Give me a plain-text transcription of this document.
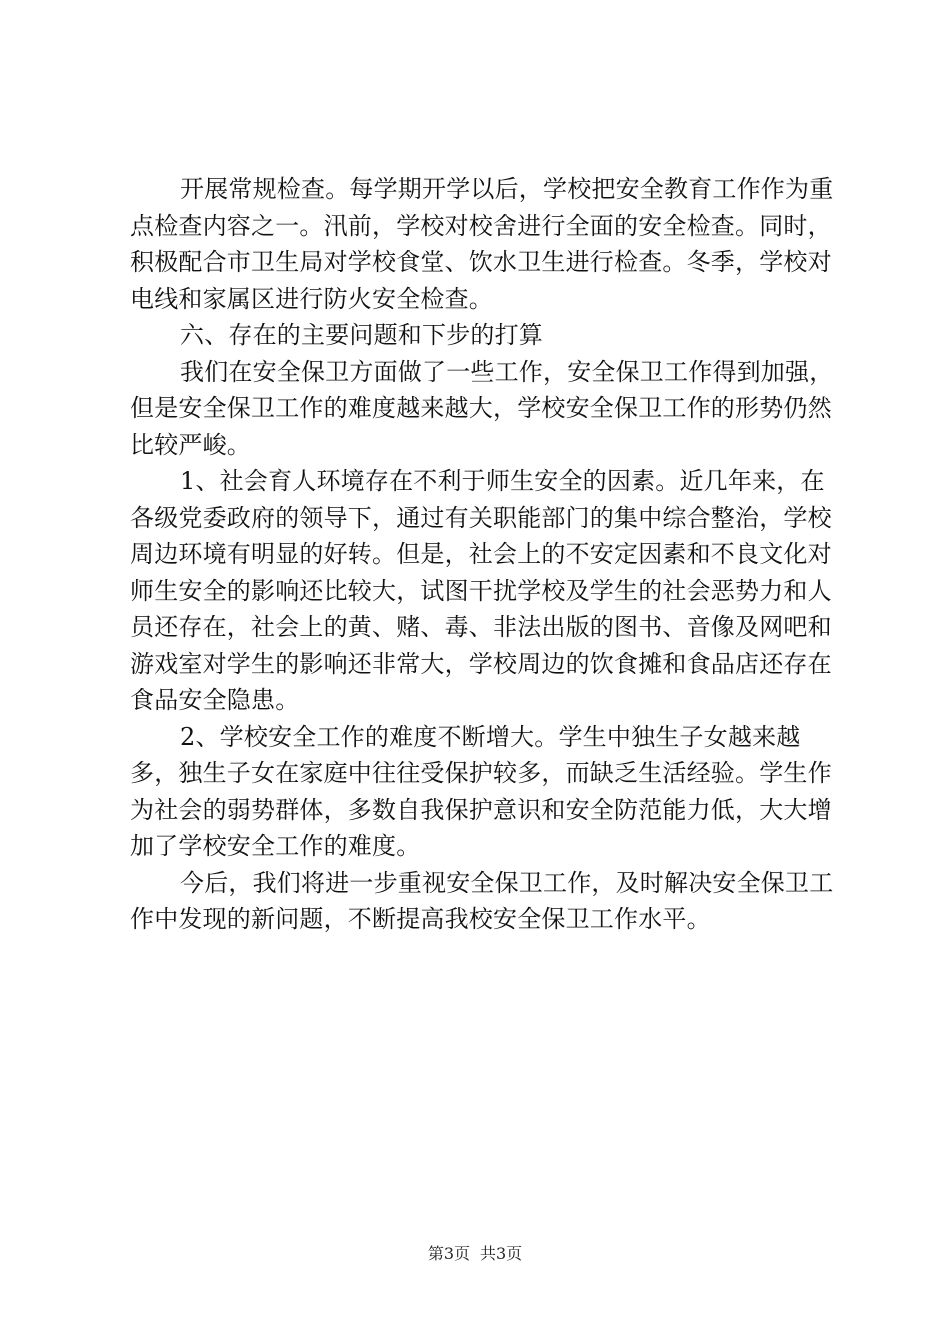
开展常规检查。每学期开学以后，学校把安全教育工作作为重点检查内容之一。汛前，学校对校舍进行全面的安全检查。同时，积极配合市卫生局对学校食堂、饮水卫生进行检查。冬季，学校对电线和家属区进行防火安全检查。

六、存在的主要问题和下步的打算

我们在安全保卫方面做了一些工作，安全保卫工作得到加强，但是安全保卫工作的难度越来越大，学校安全保卫工作的形势仍然比较严峻。

1、社会育人环境存在不利于师生安全的因素。近几年来，在各级党委政府的领导下，通过有关职能部门的集中综合整治，学校周边环境有明显的好转。但是，社会上的不安定因素和不良文化对师生安全的影响还比较大，试图干扰学校及学生的社会恶势力和人员还存在，社会上的黄、赌、毒、非法出版的图书、音像及网吧和游戏室对学生的影响还非常大，学校周边的饮食摊和食品店还存在食品安全隐患。

2、学校安全工作的难度不断增大。学生中独生子女越来越多，独生子女在家庭中往往受保护较多，而缺乏生活经验。学生作为社会的弱势群体，多数自我保护意识和安全防范能力低，大大增加了学校安全工作的难度。

今后，我们将进一步重视安全保卫工作，及时解决安全保卫工作中发现的新问题，不断提高我校安全保卫工作水平。

第3页 共3页
